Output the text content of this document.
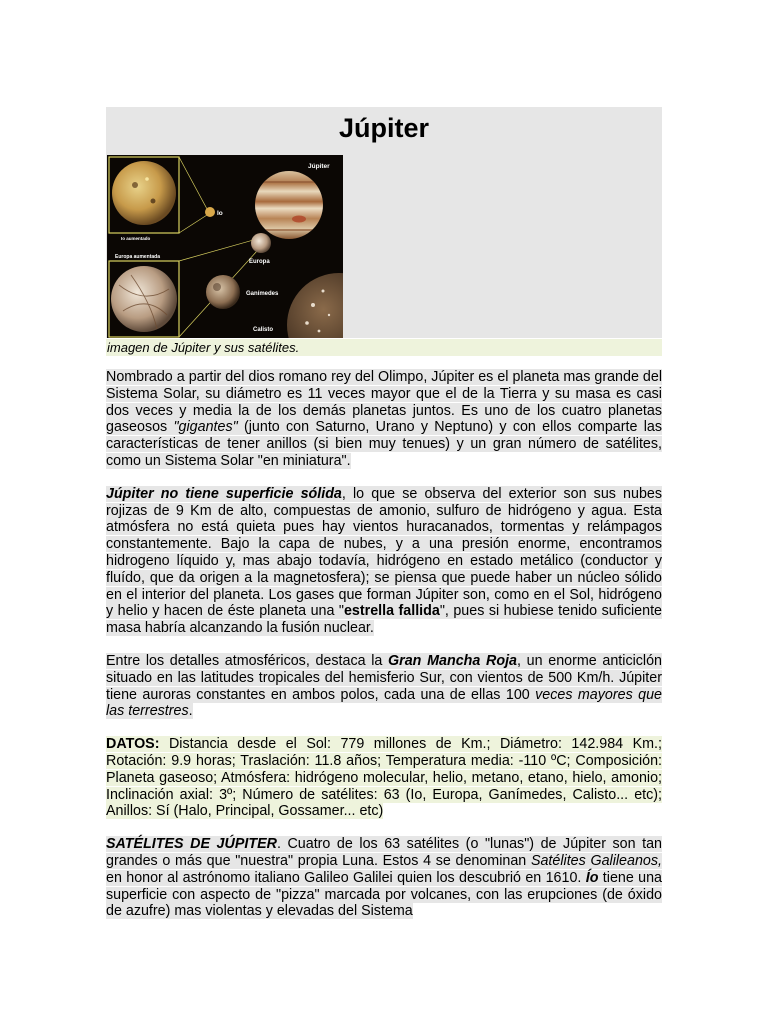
Júpiter
Júpiter
Io
Io aumentado
Europa aumentada
Europa
Ganímedes
Calisto
imagen de Júpiter y sus satélites.

Nombrado a partir del dios romano rey del Olimpo, Júpiter es el planeta mas grande del Sistema Solar, su diámetro es 11 veces mayor que el de la Tierra y su masa es casi dos veces y media la de los demás planetas juntos. Es uno de los cuatro planetas gaseosos "gigantes" (junto con Saturno, Urano y Neptuno) y con ellos comparte las características de tener anillos (si bien muy tenues) y un gran número de satélites, como un Sistema Solar "en miniatura".

Júpiter no tiene superficie sólida, lo que se observa del exterior son sus nubes rojizas de 9 Km de alto, compuestas de amonio, sulfuro de hidrógeno y agua. Esta atmósfera no está quieta pues hay vientos huracanados, tormentas y relámpagos constantemente. Bajo la capa de nubes, y a una presión enorme, encontramos hidrogeno líquido y, mas abajo todavía, hidrógeno en estado metálico (conductor y fluído, que da origen a la magnetosfera); se piensa que puede haber un núcleo sólido en el interior del planeta. Los gases que forman Júpiter son, como en el Sol, hidrógeno y helio y hacen de éste planeta una "estrella fallida", pues si hubiese tenido suficiente masa habría alcanzando la fusión nuclear.

Entre los detalles atmosféricos, destaca la Gran Mancha Roja, un enorme anticiclón situado en las latitudes tropicales del hemisferio Sur, con vientos de 500 Km/h. Júpiter tiene auroras constantes en ambos polos, cada una de ellas 100 veces mayores que las terrestres.

DATOS: Distancia desde el Sol: 779 millones de Km.; Diámetro: 142.984 Km.; Rotación: 9.9 horas; Traslación: 11.8 años; Temperatura media: -110 ºC; Composición: Planeta gaseoso; Atmósfera: hidrógeno molecular, helio, metano, etano, hielo, amonio; Inclinación axial: 3º; Número de satélites: 63 (Io, Europa, Ganímedes, Calisto... etc); Anillos: Sí (Halo, Principal, Gossamer... etc)

SATÉLITES DE JÚPITER. Cuatro de los 63 satélites (o "lunas") de Júpiter son tan grandes o más que "nuestra" propia Luna. Estos 4 se denominan Satélites Galileanos, en honor al astrónomo italiano Galileo Galilei quien los descubrió en 1610. Ío tiene una superficie con aspecto de "pizza" marcada por volcanes, con las erupciones (de óxido de azufre) mas violentas y elevadas del Sistema
